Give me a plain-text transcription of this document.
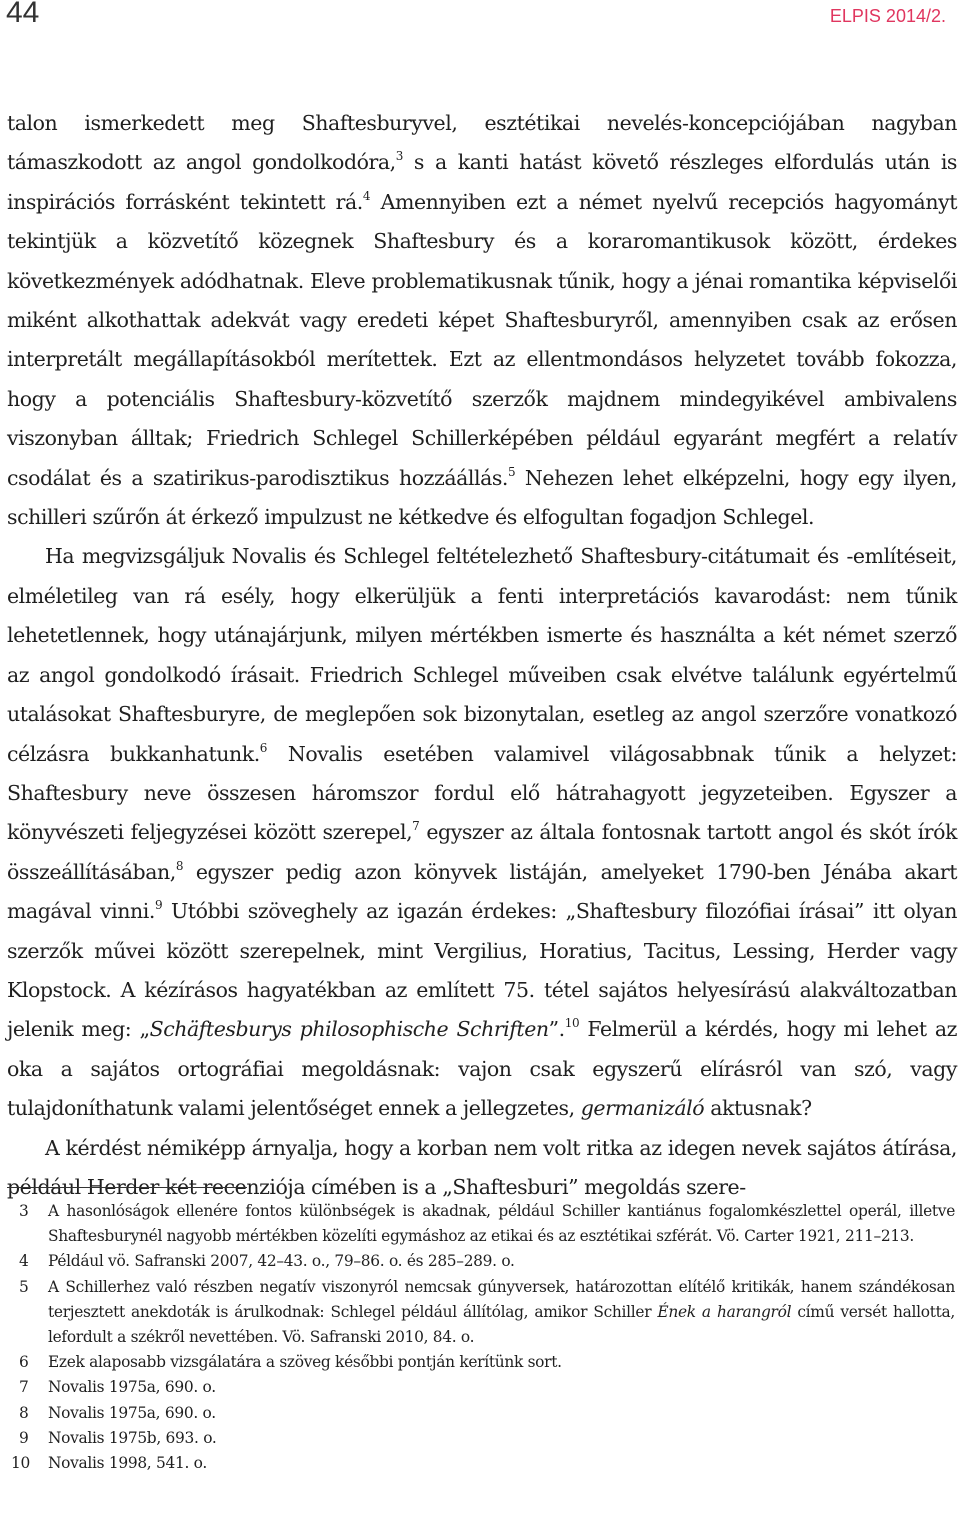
44	ELPIS 2014/2.

talon ismerkedett meg Shaftesburyvel, esztétikai nevelés-koncepciójában nagyban támaszkodott az angol gondolkodóra,$^3$ s a kanti hatást követő részleges elfordulás után is inspirációs forrásként tekintett rá.$^4$ Amennyiben ezt a német nyelvű recepciós hagyományt tekintjük a közvetítő közegnek Shaftesbury és a koraromantikusok között, érdekes következmények adódhatnak. Eleve problematikusnak tűnik, hogy a jénai romantika képviselői miként alkothattak adekvát vagy eredeti képet Shaftesburyről, amennyiben csak az erősen interpretált megállapításokból merítettek. Ezt az ellentmondásos helyzetet tovább fokozza, hogy a potenciális Shaftesbury-közvetítő szerzők majdnem mindegyikével ambivalens viszonyban álltak; Friedrich Schlegel Schillerképében például egyaránt megfért a relatív csodálat és a szatirikus-parodisztikus hozzáállás.$^5$ Nehezen lehet elképzelni, hogy egy ilyen, schilleri szűrőn át érkező impulzust ne kétkedve és elfogultan fogadjon Schlegel.

Ha megvizsgáljuk Novalis és Schlegel feltételezhető Shaftesbury-citátumait és -említéseit, elméletileg van rá esély, hogy elkerüljük a fenti interpretációs kavarodást: nem tűnik lehetetlennek, hogy utánajárjunk, milyen mértékben ismerte és használta a két német szerző az angol gondolkodó írásait. Friedrich Schlegel műveiben csak elvétve találunk egyértelmű utalásokat Shaftesburyre, de meglepően sok bizonytalan, esetleg az angol szerzőre vonatkozó célzásra bukkanhatunk.$^6$ Novalis esetében valamivel világosabbnak tűnik a helyzet: Shaftesbury neve összesen háromszor fordul elő hátrahagyott jegyzeteiben. Egyszer a könyvészeti feljegyzései között szerepel,$^7$ egyszer az általa fontosnak tartott angol és skót írók összeállításában,$^8$ egyszer pedig azon könyvek listáján, amelyeket 1790-ben Jénába akart magával vinni.$^9$ Utóbbi szöveghely az igazán érdekes: „Shaftesbury filozófiai írásai” itt olyan szerzők művei között szerepelnek, mint Vergilius, Horatius, Tacitus, Lessing, Herder vagy Klopstock. A kézírásos hagyatékban az említett 75. tétel sajátos helyesírású alakváltozatban jelenik meg: „Schäftesburys philosophische Schriften”.$^{10}$ Felmerül a kérdés, hogy mi lehet az oka a sajátos ortográfiai megoldásnak: vajon csak egyszerű elírásról van szó, vagy tulajdoníthatunk valami jelentőséget ennek a jellegzetes, germanizáló aktusnak?

A kérdést némiképp árnyalja, hogy a korban nem volt ritka az idegen nevek sajátos átírása, például Herder két recenziója címében is a „Shaftesburi” megoldás szere-

3	A hasonlóságok ellenére fontos különbségek is akadnak, például Schiller kantiánus fogalomkészlettel operál, illetve Shaftesburynél nagyobb mértékben közelíti egymáshoz az etikai és az esztétikai szférát. Vö. Carter 1921, 211–213.
4	Például vö. Safranski 2007, 42–43. o., 79–86. o. és 285–289. o.
5	A Schillerhez való részben negatív viszonyról nemcsak gúnyversek, határozottan elítélő kritikák, hanem szándékosan terjesztett anekdoták is árulkodnak: Schlegel például állítólag, amikor Schiller Ének a harangról című versét hallotta, lefordult a székről nevettében. Vö. Safranski 2010, 84. o.
6	Ezek alaposabb vizsgálatára a szöveg későbbi pontján kerítünk sort.
7	Novalis 1975a, 690. o.
8	Novalis 1975a, 690. o.
9	Novalis 1975b, 693. o.
10	Novalis 1998, 541. o.
